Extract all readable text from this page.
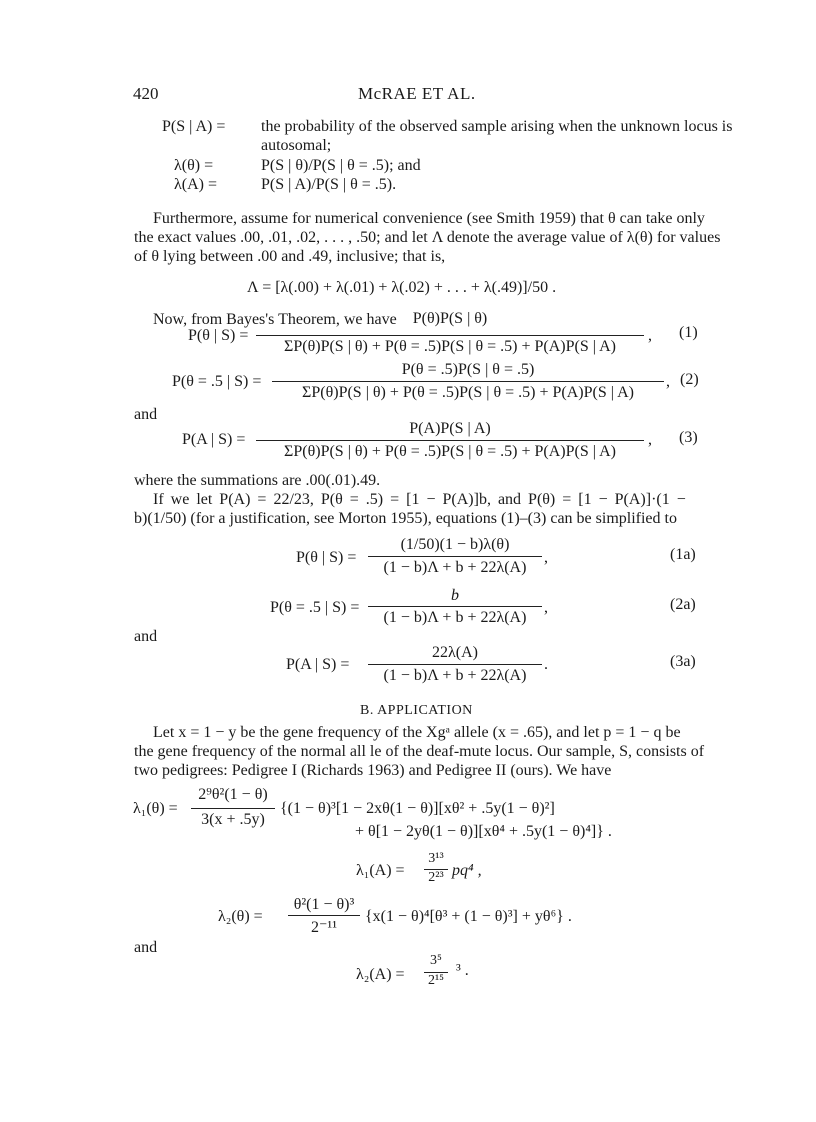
420	McRAE ET AL.
P(S | A) = the probability of the observed sample arising when the unknown locus is
autosomal;
λ(θ) =	P(S | θ)/P(S | θ = .5); and
λ(A) =	P(S | A)/P(S | θ = .5).
Furthermore, assume for numerical convenience (see Smith 1959) that θ can take only
the exact values .00, .01, .02, . . . , .50; and let Λ denote the average value of λ(θ) for values
of θ lying between .00 and .49, inclusive; that is,
Λ = [λ(.00) + λ(.01) + λ(.02) + . . . + λ(.49)]/50 .
Now, from Bayes's Theorem, we have
P(θ | S) =
P(θ)P(S | θ)
ΣP(θ)P(S | θ) + P(θ = .5)P(S | θ = .5) + P(A)P(S | A)
, (1)
P(θ = .5 | S) =
P(θ = .5)P(S | θ = .5)
ΣP(θ)P(S | θ) + P(θ = .5)P(S | θ = .5) + P(A)P(S | A)
, (2)
and
P(A | S) =
P(A)P(S | A)
ΣP(θ)P(S | θ) + P(θ = .5)P(S | θ = .5) + P(A)P(S | A)
, (3)
where the summations are .00(.01).49.
If we let P(A) = 22/23, P(θ = .5) = [1 − P(A)]b, and P(θ) = [1 − P(A)]·(1 −
b)(1/50) (for a justification, see Morton 1955), equations (1)–(3) can be simplified to
P(θ | S) =
(1/50)(1 − b)λ(θ)
(1 − b)Λ + b + 22λ(A)
,	(1a)
P(θ = .5 | S) =
b
(1 − b)Λ + b + 22λ(A)
,	(2a)
and
P(A | S) =
22λ(A)
(1 − b)Λ + b + 22λ(A)
.	(3a)
B. APPLICATION
Let x = 1 − y be the gene frequency of the Xgᵃ allele (x = .65), and let p = 1 − q be
the gene frequency of the normal all le of the deaf-mute locus. Our sample, S, consists of
two pedigrees: Pedigree I (Richards 1963) and Pedigree II (ours). We have
λ₁(θ) =
2⁹θ²(1 − θ)
3(x + .5y)
{(1 − θ)³[1 − 2xθ(1 − θ)][xθ² + .5y(1 − θ)²]
+ θ[1 − 2yθ(1 − θ)][xθ⁴ + .5y(1 − θ)⁴]} .
λ₁(A) =
3¹³
2²³ pq⁴ ,
λ₂(θ) =
θ²(1 − θ)³
2⁻¹¹
{x(1 − θ)⁴[θ³ + (1 − θ)³] + yθ⁶} .
and
λ₂(A) =
3⁵
2¹⁵
³ .
